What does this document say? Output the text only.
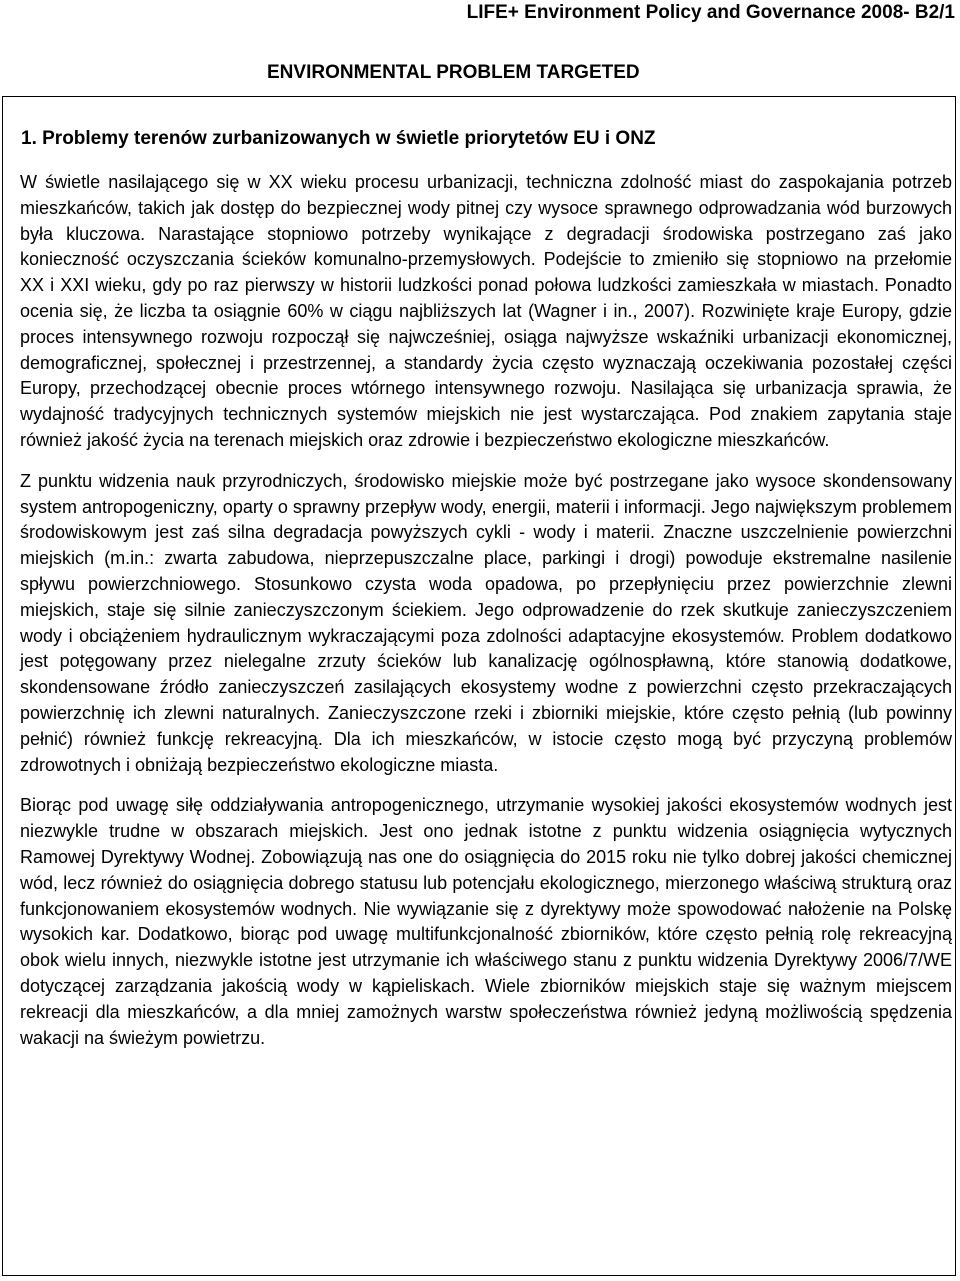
LIFE+ Environment Policy and Governance 2008- B2/1
ENVIRONMENTAL PROBLEM TARGETED
1. Problemy terenów zurbanizowanych w świetle priorytetów EU i ONZ

W świetle nasilającego się w XX wieku procesu urbanizacji, techniczna zdolność miast do zaspokajania potrzeb mieszkańców, takich jak dostęp do bezpiecznej wody pitnej czy wysoce sprawnego odprowadzania wód burzowych była kluczowa. Narastające stopniowo potrzeby wynikające z degradacji środowiska postrzegano zaś jako konieczność oczyszczania ścieków komunalno-przemysłowych. Podejście to zmieniło się stopniowo na przełomie XX i XXI wieku, gdy po raz pierwszy w historii ludzkości ponad połowa ludzkości zamieszkała w miastach. Ponadto ocenia się, że liczba ta osiągnie 60% w ciągu najbliższych lat (Wagner i in., 2007). Rozwinięte kraje Europy, gdzie proces intensywnego rozwoju rozpoczął się najwcześniej, osiąga najwyższe wskaźniki urbanizacji ekonomicznej, demograficznej, społecznej i przestrzennej, a standardy życia często wyznaczają oczekiwania pozostałej części Europy, przechodzącej obecnie proces wtórnego intensywnego rozwoju. Nasilająca się urbanizacja sprawia, że wydajność tradycyjnych technicznych systemów miejskich nie jest wystarczająca. Pod znakiem zapytania staje również jakość życia na terenach miejskich oraz zdrowie i bezpieczeństwo ekologiczne mieszkańców.

Z punktu widzenia nauk przyrodniczych, środowisko miejskie może być postrzegane jako wysoce skondensowany system antropogeniczny, oparty o sprawny przepływ wody, energii, materii i informacji. Jego największym problemem środowiskowym jest zaś silna degradacja powyższych cykli - wody i materii. Znaczne uszczelnienie powierzchni miejskich (m.in.: zwarta zabudowa, nieprzepuszczalne place, parkingi i drogi) powoduje ekstremalne nasilenie spływu powierzchniowego. Stosunkowo czysta woda opadowa, po przepłynięciu przez powierzchnie zlewni miejskich, staje się silnie zanieczyszczonym ściekiem. Jego odprowadzenie do rzek skutkuje zanieczyszczeniem wody i obciążeniem hydraulicznym wykraczającymi poza zdolności adaptacyjne ekosystemów. Problem dodatkowo jest potęgowany przez nielegalne zrzuty ścieków lub kanalizację ogólnospławną, które stanowią dodatkowe, skondensowane źródło zanieczyszczeń zasilających ekosystemy wodne z powierzchni często przekraczających powierzchnię ich zlewni naturalnych. Zanieczyszczone rzeki i zbiorniki miejskie, które często pełnią (lub powinny pełnić) również funkcję rekreacyjną. Dla ich mieszkańców, w istocie często mogą być przyczyną problemów zdrowotnych i obniżają bezpieczeństwo ekologiczne miasta.

Biorąc pod uwagę siłę oddziaływania antropogenicznego, utrzymanie wysokiej jakości ekosystemów wodnych jest niezwykle trudne w obszarach miejskich. Jest ono jednak istotne z punktu widzenia osiągnięcia wytycznych Ramowej Dyrektywy Wodnej. Zobowiązują nas one do osiągnięcia do 2015 roku nie tylko dobrej jakości chemicznej wód, lecz również do osiągnięcia dobrego statusu lub potencjału ekologicznego, mierzonego właściwą strukturą oraz funkcjonowaniem ekosystemów wodnych. Nie wywiązanie się z dyrektywy może spowodować nałożenie na Polskę wysokich kar. Dodatkowo, biorąc pod uwagę multifunkcjonalność zbiorników, które często pełnią rolę rekreacyjną obok wielu innych, niezwykle istotne jest utrzymanie ich właściwego stanu z punktu widzenia Dyrektywy 2006/7/WE dotyczącej zarządzania jakością wody w kąpieliskach. Wiele zbiorników miejskich staje się ważnym miejscem rekreacji dla mieszkańców, a dla mniej zamożnych warstw społeczeństwa również jedyną możliwością spędzenia wakacji na świeżym powietrzu.
